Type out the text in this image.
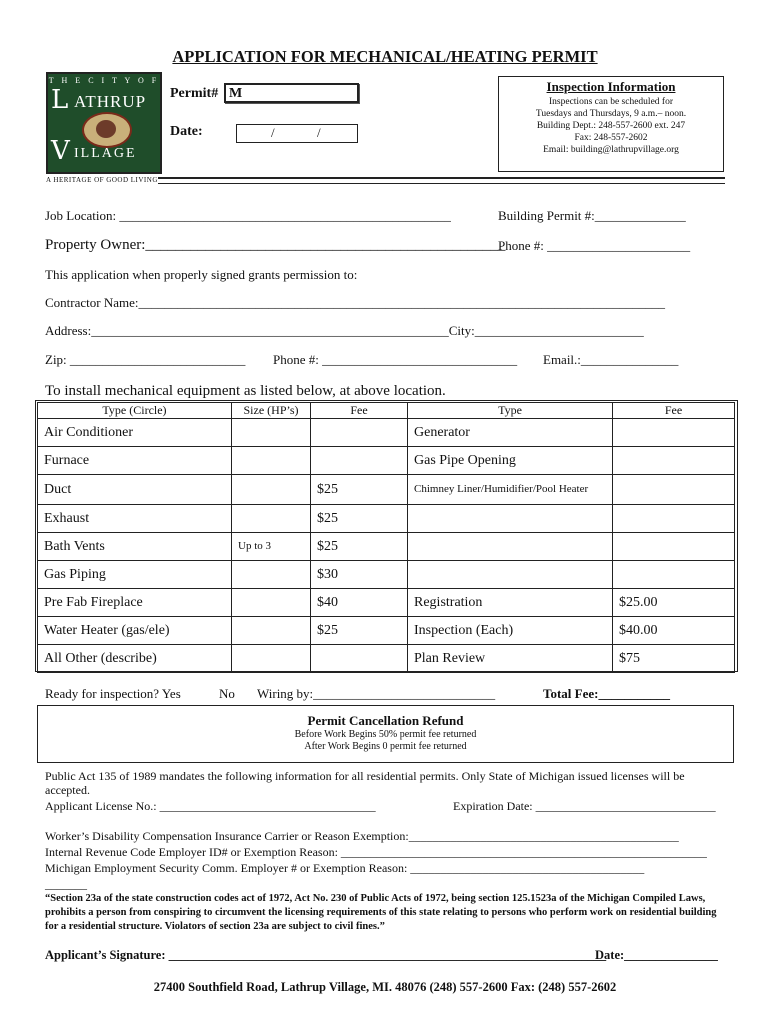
APPLICATION FOR MECHANICAL/HEATING PERMIT
T H E C I T Y O F
L ATHRUP
V ILLAGE
A HERITAGE OF GOOD LIVING
Permit# M
Date:	/	/
Inspection Information
Inspections can be scheduled for
Tuesdays and Thursdays, 9 a.m.– noon.
Building Dept.: 248-557-2600 ext. 247
Fax: 248-557-2602
Email: building@lathrupvillage.org
Job Location: ___________________________________________________	Building Permit #:______________
Property Owner:________________________________________________
Phone #: ______________________
This application when properly signed grants permission to:
Contractor Name:_________________________________________________________________________________
Address:_______________________________________________________City:__________________________
Zip: ___________________________ Phone #: ______________________________ Email.:_______________
To install mechanical equipment as listed below, at above location.
Type (Circle)	Size (HP’s)	Fee	Type	Fee
Air Conditioner			Generator	
Furnace			Gas Pipe Opening	
Duct		$25	Chimney Liner/Humidifier/Pool Heater	
Exhaust		$25		
Bath Vents	Up to 3	$25		
Gas Piping		$30		
Pre Fab Fireplace		$40	Registration	$25.00
Water Heater (gas/ele)		$25	Inspection (Each)	$40.00
All Other (describe)			Plan Review	$75
Ready for inspection? Yes	No Wiring by:____________________________	Total Fee:___________
Permit Cancellation Refund
Before Work Begins 50% permit fee returned
After Work Begins 0 permit fee returned
Public Act 135 of 1989 mandates the following information for all residential permits. Only State of Michigan issued licenses will be accepted.
Applicant License No.: ____________________________________	Expiration Date: ______________________________
Worker’s Disability Compensation Insurance Carrier or Reason Exemption:_____________________________________________
Internal Revenue Code Employer ID# or Exemption Reason: _____________________________________________________________
Michigan Employment Security Comm. Employer # or Exemption Reason: _______________________________________
_______
“Section 23a of the state construction codes act of 1972, Act No. 230 of Public Acts of 1972, being section 125.1523a of the Michigan Compiled Laws, prohibits a person from conspiring to circumvent the licensing requirements of this state relating to persons who perform work on residential building for a residential structure. Violators of section 23a are subject to civil fines.”
Applicant’s Signature: ______________________________________________________________________
Date:_______________
27400 Southfield Road, Lathrup Village, MI. 48076 (248) 557-2600 Fax: (248) 557-2602
